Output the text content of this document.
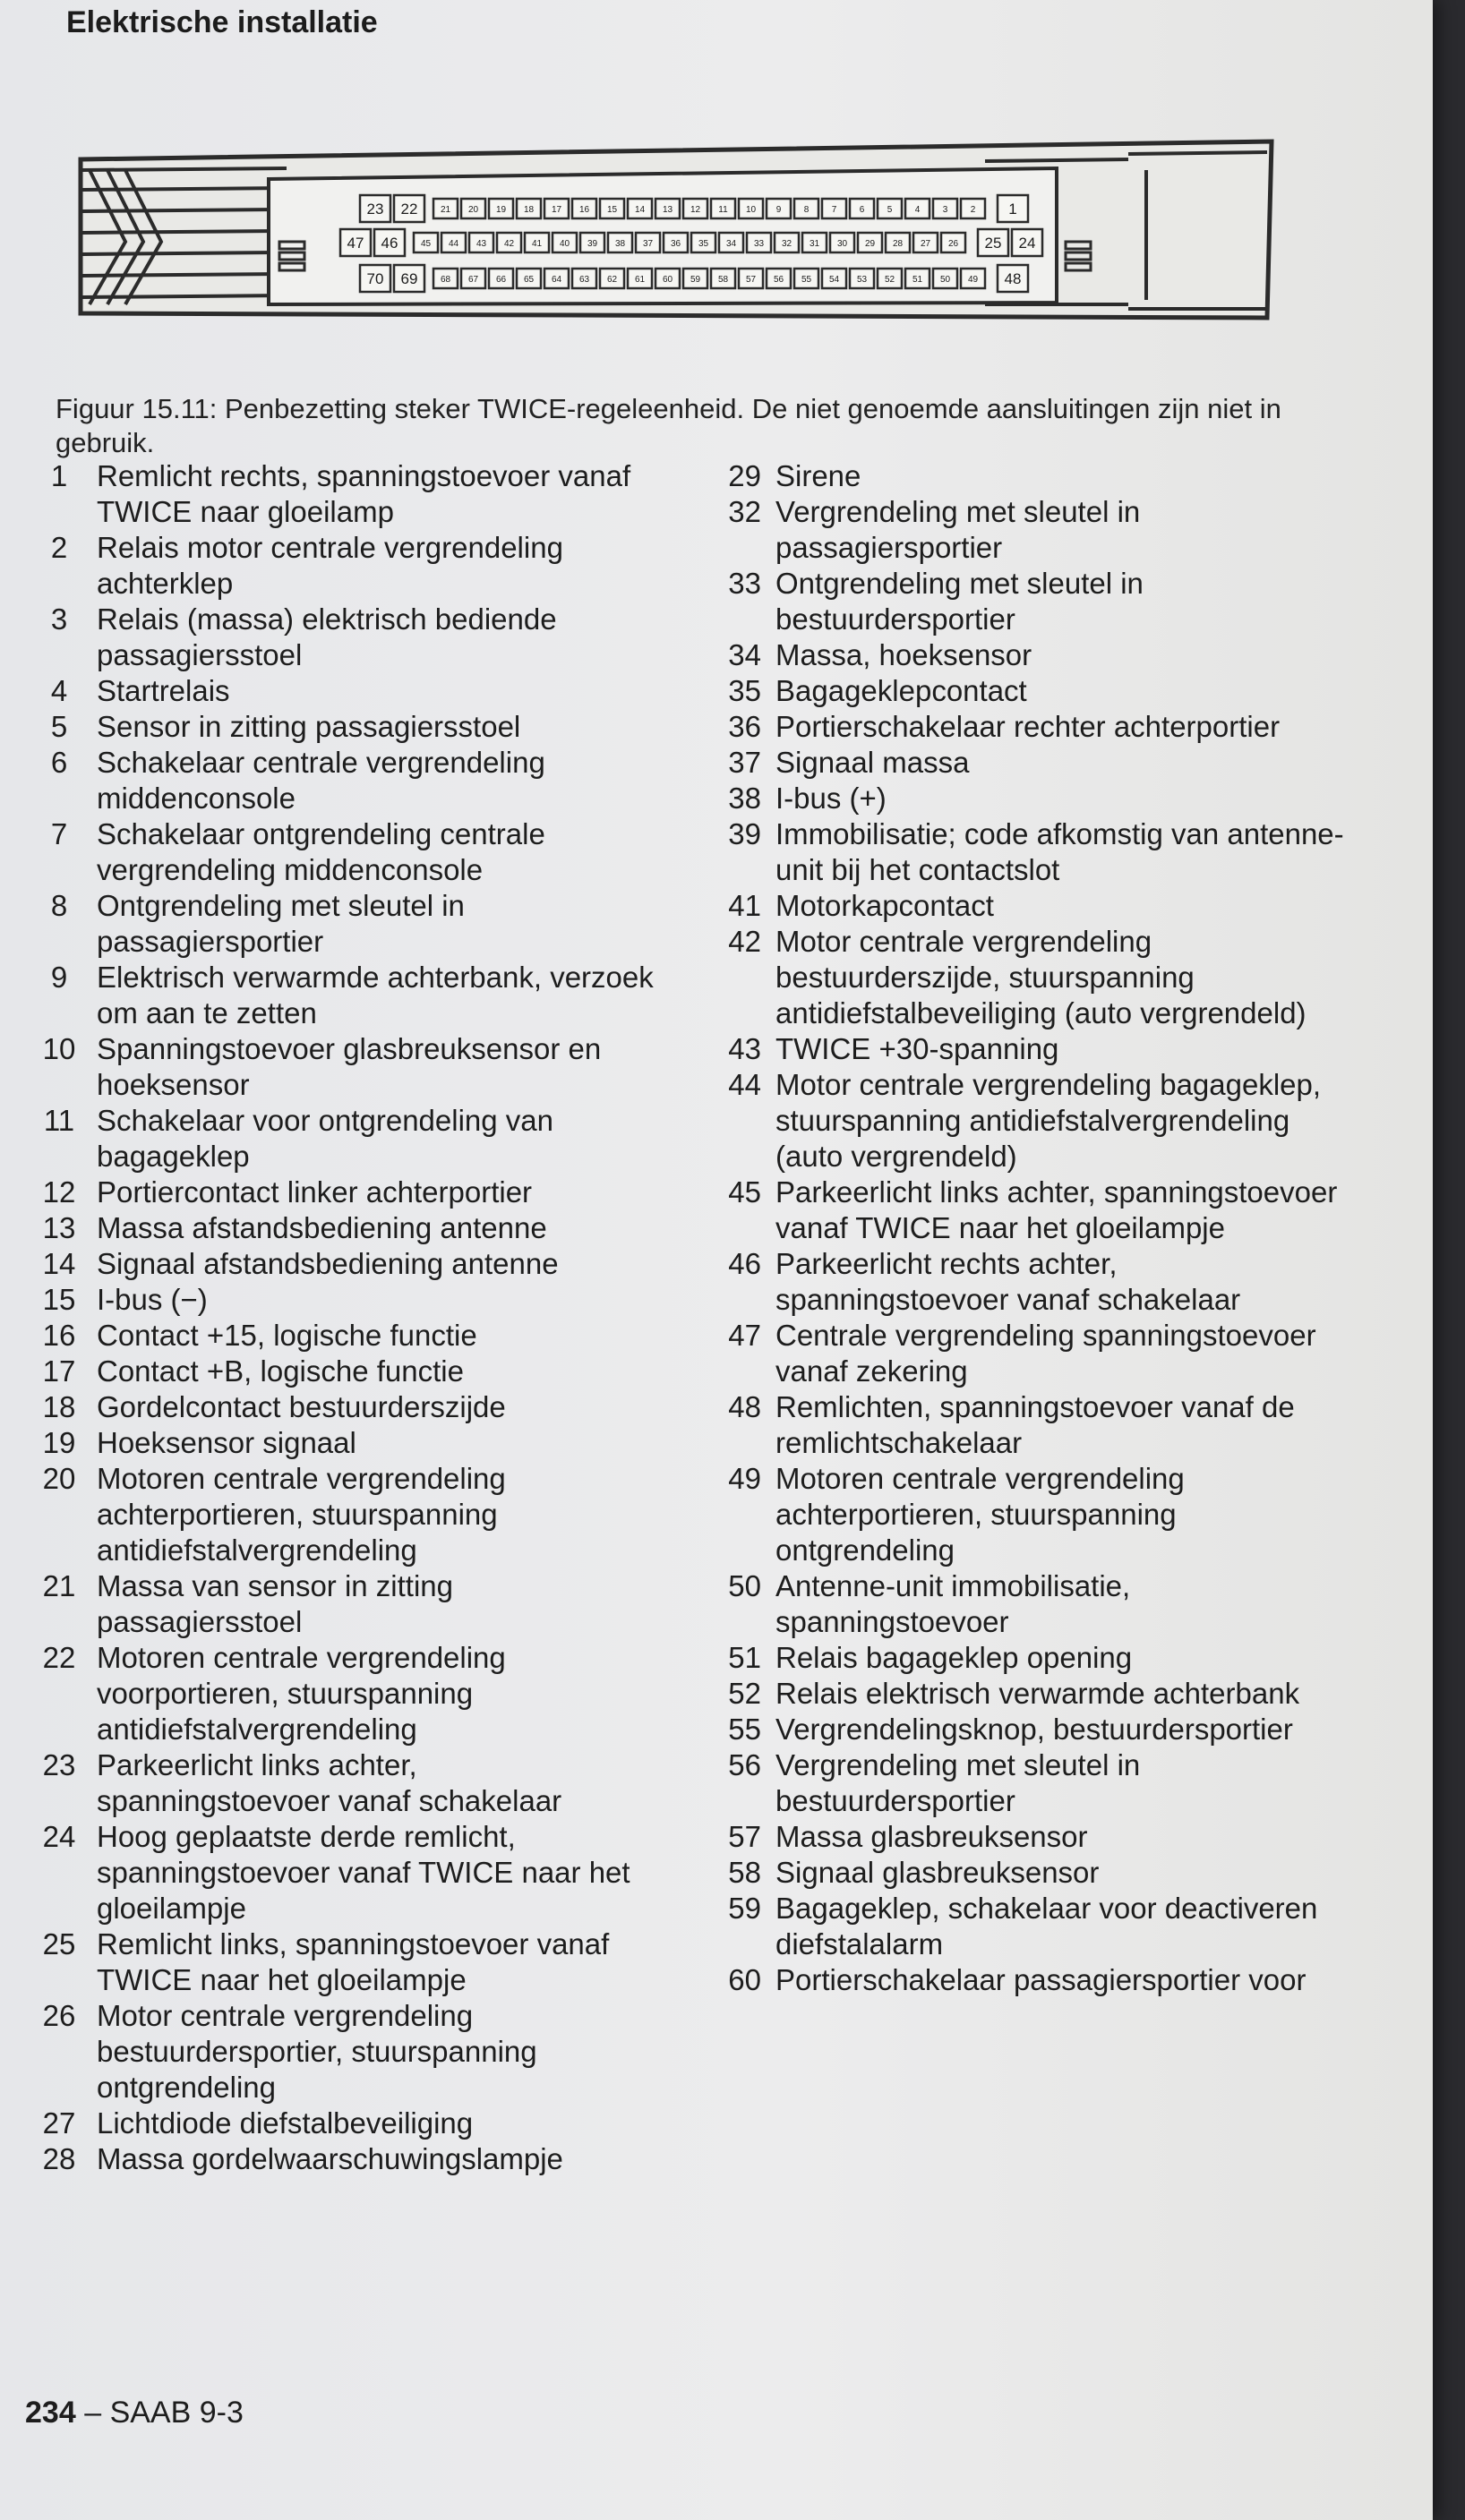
Elektrische installatie
23 22	21 20 19 18 17 16 15 14 13 12 11 10 9	8	7	6	5	4	3	2 1
47 46	45 44 43 42 41 40 39 38 37 36 35 34 33 32 31 30 29 28 27 26 25 24
70 69	68 67 66 65 64 63 62 61 60 59 58 57 56 55 54 53 52 51 50 49 48
Figuur 15.11: Penbezetting steker TWICE-regeleenheid. De niet genoemde aansluitingen zijn niet in gebruik.
1 Remlicht rechts, spanningstoevoer vanaf TWICE naar gloeilamp
2 Relais motor centrale vergrendeling achterklep
3 Relais (massa) elektrisch bediende passagiersstoel
4 Startrelais
5 Sensor in zitting passagiersstoel
6 Schakelaar centrale vergrendeling middenconsole
7 Schakelaar ontgrendeling centrale vergrendeling middenconsole
8 Ontgrendeling met sleutel in passagiersportier
9 Elektrisch verwarmde achterbank, verzoek om aan te zetten
10 Spanningstoevoer glasbreuksensor en hoeksensor
11 Schakelaar voor ontgrendeling van bagageklep
12 Portiercontact linker achterportier
13 Massa afstandsbediening antenne
14 Signaal afstandsbediening antenne
15 I-bus (−)
16 Contact +15, logische functie
17 Contact +B, logische functie
18 Gordelcontact bestuurderszijde
19 Hoeksensor signaal
20 Motoren centrale vergrendeling achterportieren, stuurspanning antidiefstalvergrendeling
21 Massa van sensor in zitting passagiersstoel
22 Motoren centrale vergrendeling voorportieren, stuurspanning antidiefstalvergrendeling
23 Parkeerlicht links achter, spanningstoevoer vanaf schakelaar
24 Hoog geplaatste derde remlicht, spanningstoevoer vanaf TWICE naar het gloeilampje
25 Remlicht links, spanningstoevoer vanaf TWICE naar het gloeilampje
26 Motor centrale vergrendeling bestuurdersportier, stuurspanning ontgrendeling
27 Lichtdiode diefstalbeveiliging
28 Massa gordelwaarschuwingslampje
29 Sirene
32 Vergrendeling met sleutel in passagiersportier
33 Ontgrendeling met sleutel in bestuurdersportier
34 Massa, hoeksensor
35 Bagageklepcontact
36 Portierschakelaar rechter achterportier
37 Signaal massa
38 I-bus (+)
39 Immobilisatie; code afkomstig van antenne-unit bij het contactslot
41 Motorkapcontact
42 Motor centrale vergrendeling bestuurderszijde, stuurspanning antidiefstalbeveiliging (auto vergrendeld)
43 TWICE +30-spanning
44 Motor centrale vergrendeling bagageklep, stuurspanning antidiefstalvergrendeling (auto vergrendeld)
45 Parkeerlicht links achter, spanningstoevoer vanaf TWICE naar het gloeilampje
46 Parkeerlicht rechts achter, spanningstoevoer vanaf schakelaar
47 Centrale vergrendeling spanningstoevoer vanaf zekering
48 Remlichten, spanningstoevoer vanaf de remlichtschakelaar
49 Motoren centrale vergrendeling achterportieren, stuurspanning ontgrendeling
50 Antenne-unit immobilisatie, spanningstoevoer
51 Relais bagageklep opening
52 Relais elektrisch verwarmde achterbank
55 Vergrendelingsknop, bestuurdersportier
56 Vergrendeling met sleutel in bestuurdersportier
57 Massa glasbreuksensor
58 Signaal glasbreuksensor
59 Bagageklep, schakelaar voor deactiveren diefstalalarm
60 Portierschakelaar passagiersportier voor
234 – SAAB 9-3
